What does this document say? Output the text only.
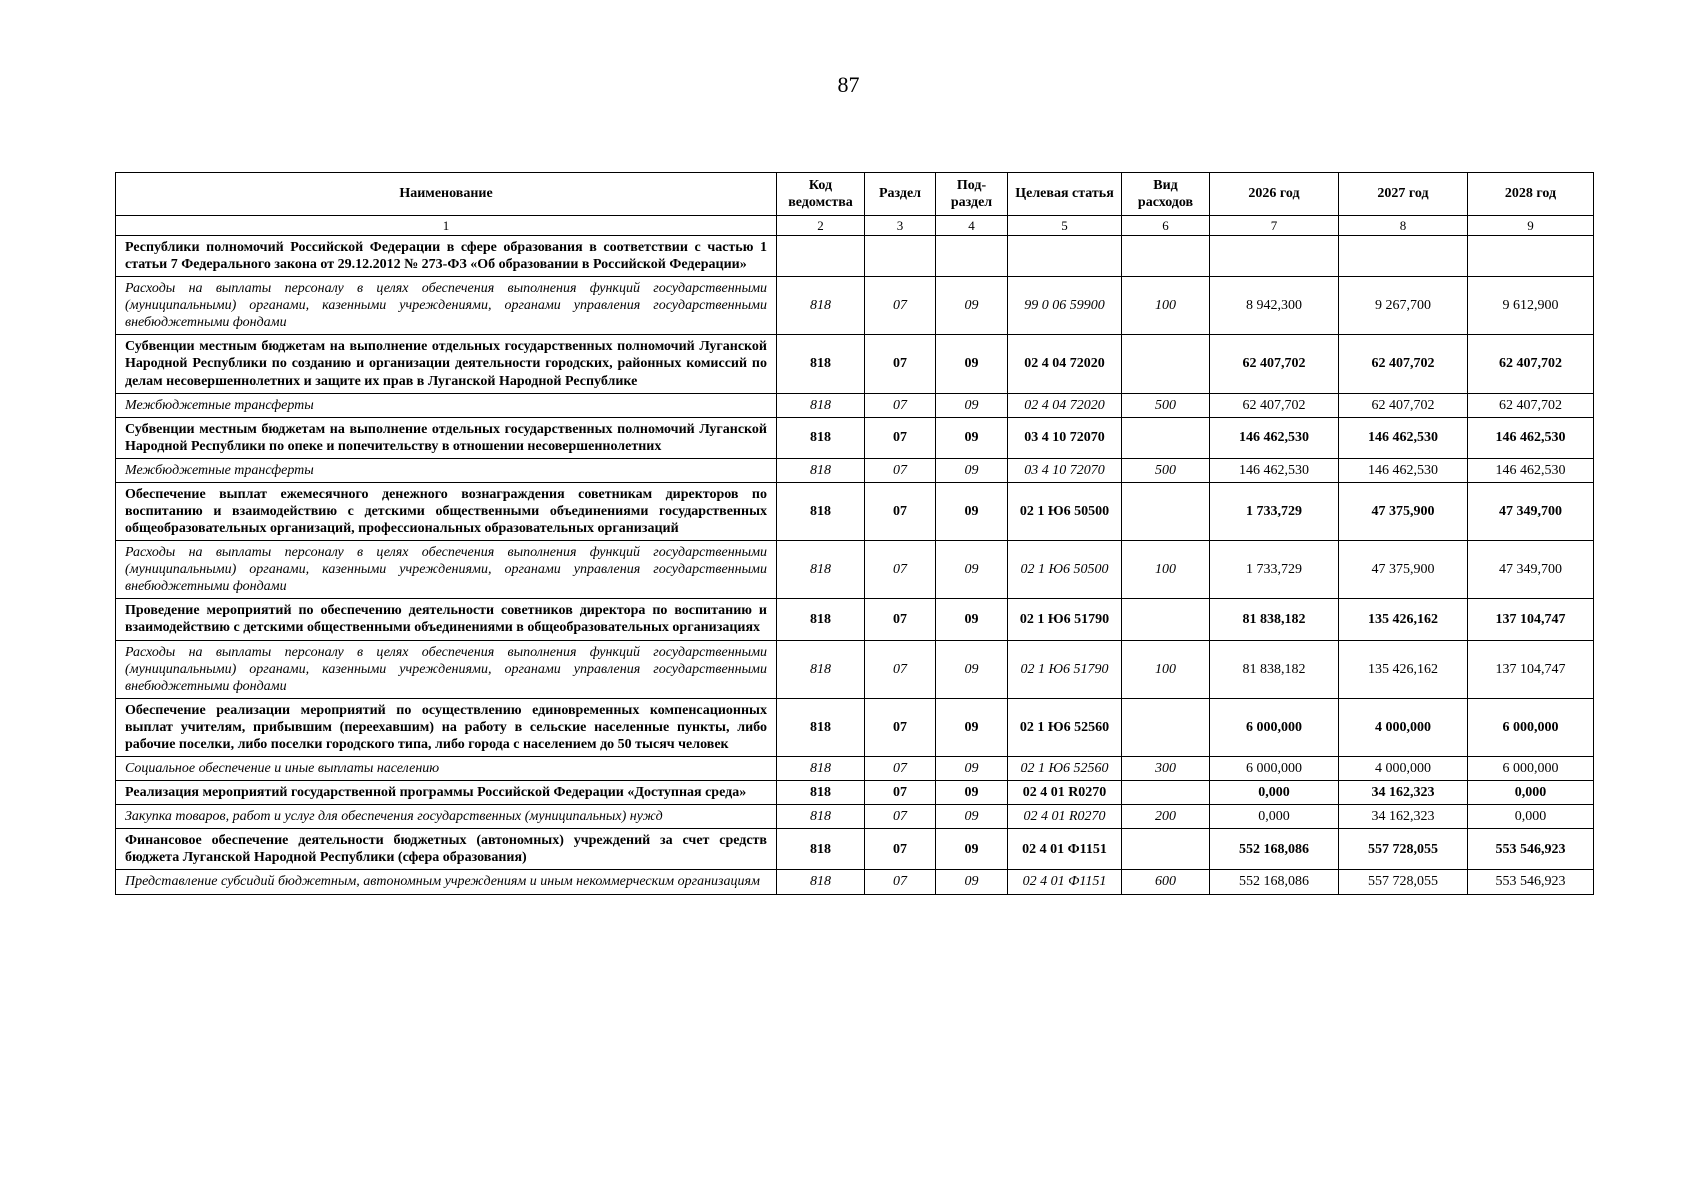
87
Наименование	Код ведомства	Раздел	Под-раздел	Целевая статья	Вид расходов	2026 год	2027 год	2028 год
1	2	3	4	5	6	7	8	9
Республики полномочий Российской Федерации в сфере образования в соответствии с частью 1 статьи 7 Федерального закона от 29.12.2012 № 273-ФЗ «Об образовании в Российской Федерации»								
Расходы на выплаты персоналу в целях обеспечения выполнения функций государственными (муниципальными) органами, казенными учреждениями, органами управления государственными внебюджетными фондами	818	07	09	99 0 06 59900	100	8 942,300	9 267,700	9 612,900
Субвенции местным бюджетам на выполнение отдельных государственных полномочий Луганской Народной Республики по созданию и организации деятельности городских, районных комиссий по делам несовершеннолетних и защите их прав в Луганской Народной Республике	818	07	09	02 4 04 72020		62 407,702	62 407,702	62 407,702
Межбюджетные трансферты	818	07	09	02 4 04 72020	500	62 407,702	62 407,702	62 407,702
Субвенции местным бюджетам на выполнение отдельных государственных полномочий Луганской Народной Республики по опеке и попечительству в отношении несовершеннолетних	818	07	09	03 4 10 72070		146 462,530	146 462,530	146 462,530
Межбюджетные трансферты	818	07	09	03 4 10 72070	500	146 462,530	146 462,530	146 462,530
Обеспечение выплат ежемесячного денежного вознаграждения советникам директоров по воспитанию и взаимодействию с детскими общественными объединениями государственных общеобразовательных организаций, профессиональных образовательных организаций	818	07	09	02 1 Ю6 50500		1 733,729	47 375,900	47 349,700
Расходы на выплаты персоналу в целях обеспечения выполнения функций государственными (муниципальными) органами, казенными учреждениями, органами управления государственными внебюджетными фондами	818	07	09	02 1 Ю6 50500	100	1 733,729	47 375,900	47 349,700
Проведение мероприятий по обеспечению деятельности советников директора по воспитанию и взаимодействию с детскими общественными объединениями в общеобразовательных организациях	818	07	09	02 1 Ю6 51790		81 838,182	135 426,162	137 104,747
Расходы на выплаты персоналу в целях обеспечения выполнения функций государственными (муниципальными) органами, казенными учреждениями, органами управления государственными внебюджетными фондами	818	07	09	02 1 Ю6 51790	100	81 838,182	135 426,162	137 104,747
Обеспечение реализации мероприятий по осуществлению единовременных компенсационных выплат учителям, прибывшим (переехавшим) на работу в сельские населенные пункты, либо рабочие поселки, либо поселки городского типа, либо города с населением до 50 тысяч человек	818	07	09	02 1 Ю6 52560		6 000,000	4 000,000	6 000,000
Социальное обеспечение и иные выплаты населению	818	07	09	02 1 Ю6 52560	300	6 000,000	4 000,000	6 000,000
Реализация мероприятий государственной программы Российской Федерации «Доступная среда»	818	07	09	02 4 01 R0270		0,000	34 162,323	0,000
Закупка товаров, работ и услуг для обеспечения государственных (муниципальных) нужд	818	07	09	02 4 01 R0270	200	0,000	34 162,323	0,000
Финансовое обеспечение деятельности бюджетных (автономных) учреждений за счет средств бюджета Луганской Народной Республики (сфера образования)	818	07	09	02 4 01 Ф1151		552 168,086	557 728,055	553 546,923
Представление субсидий бюджетным, автономным учреждениям и иным некоммерческим организациям	818	07	09	02 4 01 Ф1151	600	552 168,086	557 728,055	553 546,923
